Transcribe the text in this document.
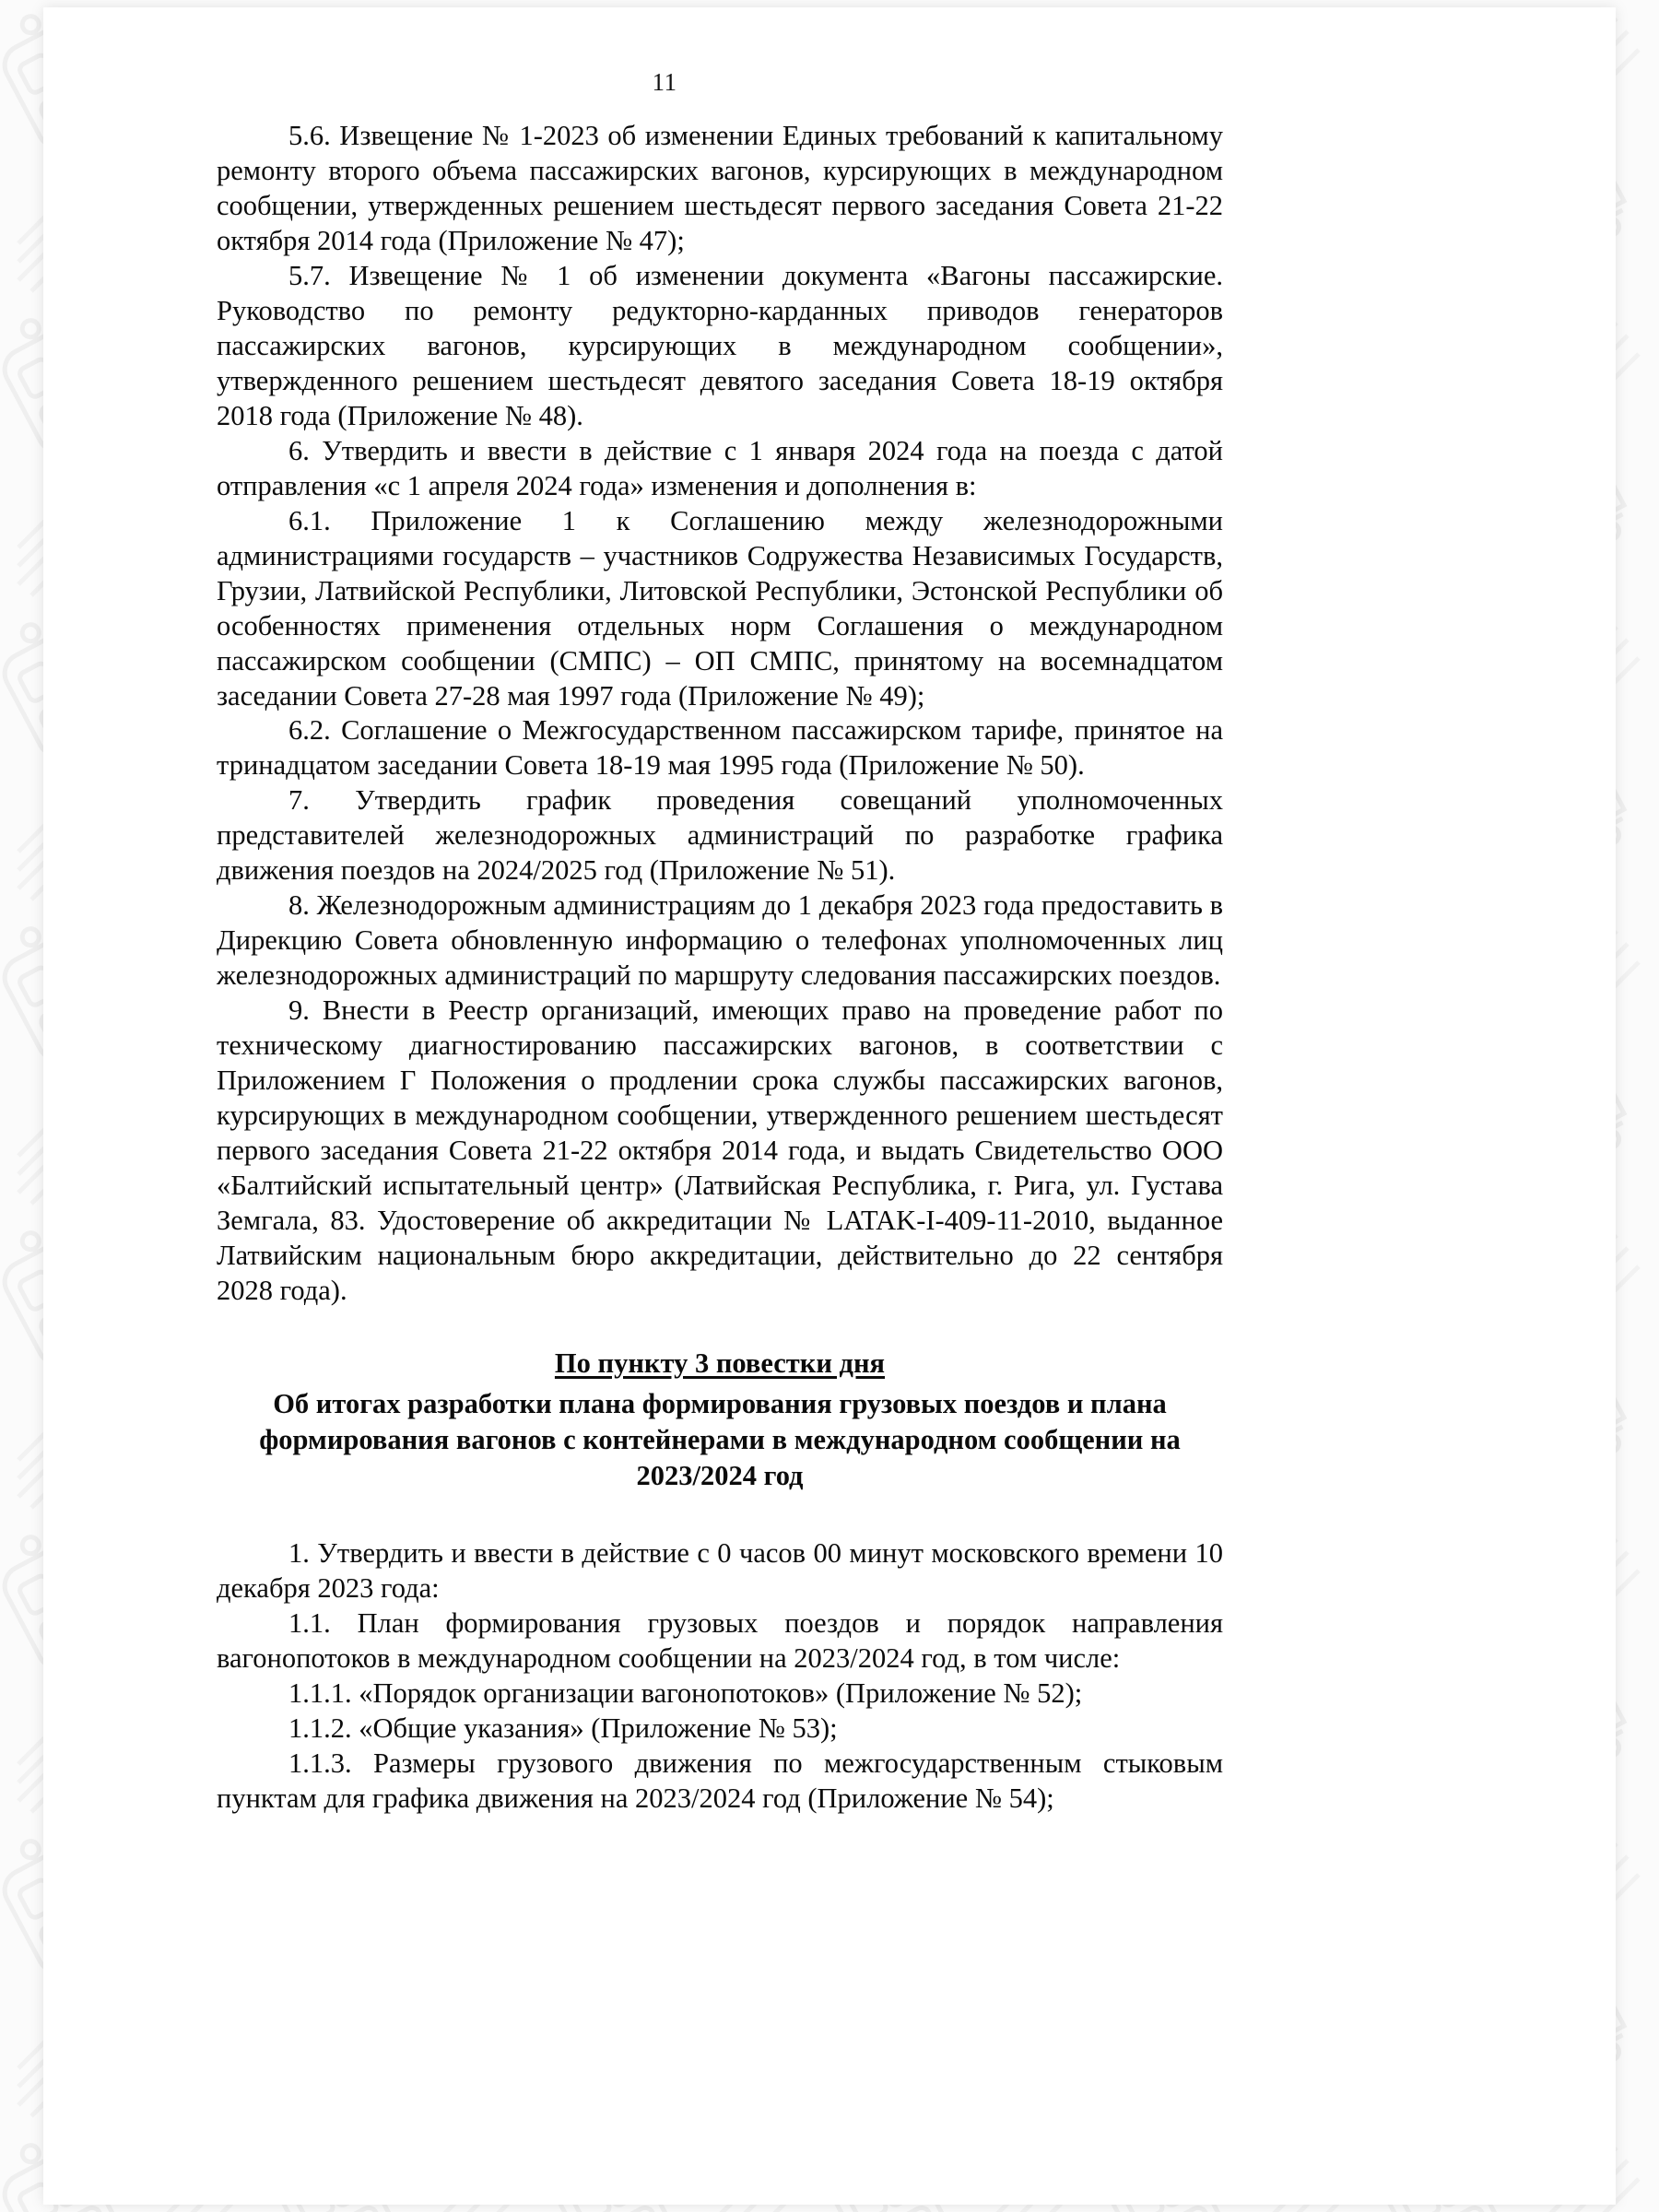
11

5.6. Извещение № 1-2023 об изменении Единых требований к капитальному ремонту второго объема пассажирских вагонов, курсирующих в международном сообщении, утвержденных решением шестьдесят первого заседания Совета 21-22 октября 2014 года (Приложение № 47);

5.7. Извещение № 1 об изменении документа «Вагоны пассажирские. Руководство по ремонту редукторно-карданных приводов генераторов пассажирских вагонов, курсирующих в международном сообщении», утвержденного решением шестьдесят девятого заседания Совета 18-19 октября 2018 года (Приложение № 48).

6. Утвердить и ввести в действие с 1 января 2024 года на поезда с датой отправления «с 1 апреля 2024 года» изменения и дополнения в:

6.1. Приложение 1 к Соглашению между железнодорожными администрациями государств – участников Содружества Независимых Государств, Грузии, Латвийской Республики, Литовской Республики, Эстонской Республики об особенностях применения отдельных норм Соглашения о международном пассажирском сообщении (СМПС) – ОП СМПС, принятому на восемнадцатом заседании Совета 27-28 мая 1997 года (Приложение № 49);

6.2. Соглашение о Межгосударственном пассажирском тарифе, принятое на тринадцатом заседании Совета 18-19 мая 1995 года (Приложение № 50).

7. Утвердить график проведения совещаний уполномоченных представителей железнодорожных администраций по разработке графика движения поездов на 2024/2025 год (Приложение № 51).

8. Железнодорожным администрациям до 1 декабря 2023 года предоставить в Дирекцию Совета обновленную информацию о телефонах уполномоченных лиц железнодорожных администраций по маршруту следования пассажирских поездов.

9. Внести в Реестр организаций, имеющих право на проведение работ по техническому диагностированию пассажирских вагонов, в соответствии с Приложением Г Положения о продлении срока службы пассажирских вагонов, курсирующих в международном сообщении, утвержденного решением шестьдесят первого заседания Совета 21-22 октября 2014 года, и выдать Свидетельство ООО «Балтийский испытательный центр» (Латвийская Республика, г. Рига, ул. Густава Земгала, 83. Удостоверение об аккредитации № LATAK-I-409-11-2010, выданное Латвийским национальным бюро аккредитации, действительно до 22 сентября 2028 года).

По пункту 3 повестки дня
Об итогах разработки плана формирования грузовых поездов и плана формирования вагонов с контейнерами в международном сообщении на 2023/2024 год

1. Утвердить и ввести в действие с 0 часов 00 минут московского времени 10 декабря 2023 года:

1.1. План формирования грузовых поездов и порядок направления вагонопотоков в международном сообщении на 2023/2024 год, в том числе:

1.1.1. «Порядок организации вагонопотоков» (Приложение № 52);

1.1.2. «Общие указания» (Приложение № 53);

1.1.3. Размеры грузового движения по межгосударственным стыковым пунктам для графика движения на 2023/2024 год (Приложение № 54);
